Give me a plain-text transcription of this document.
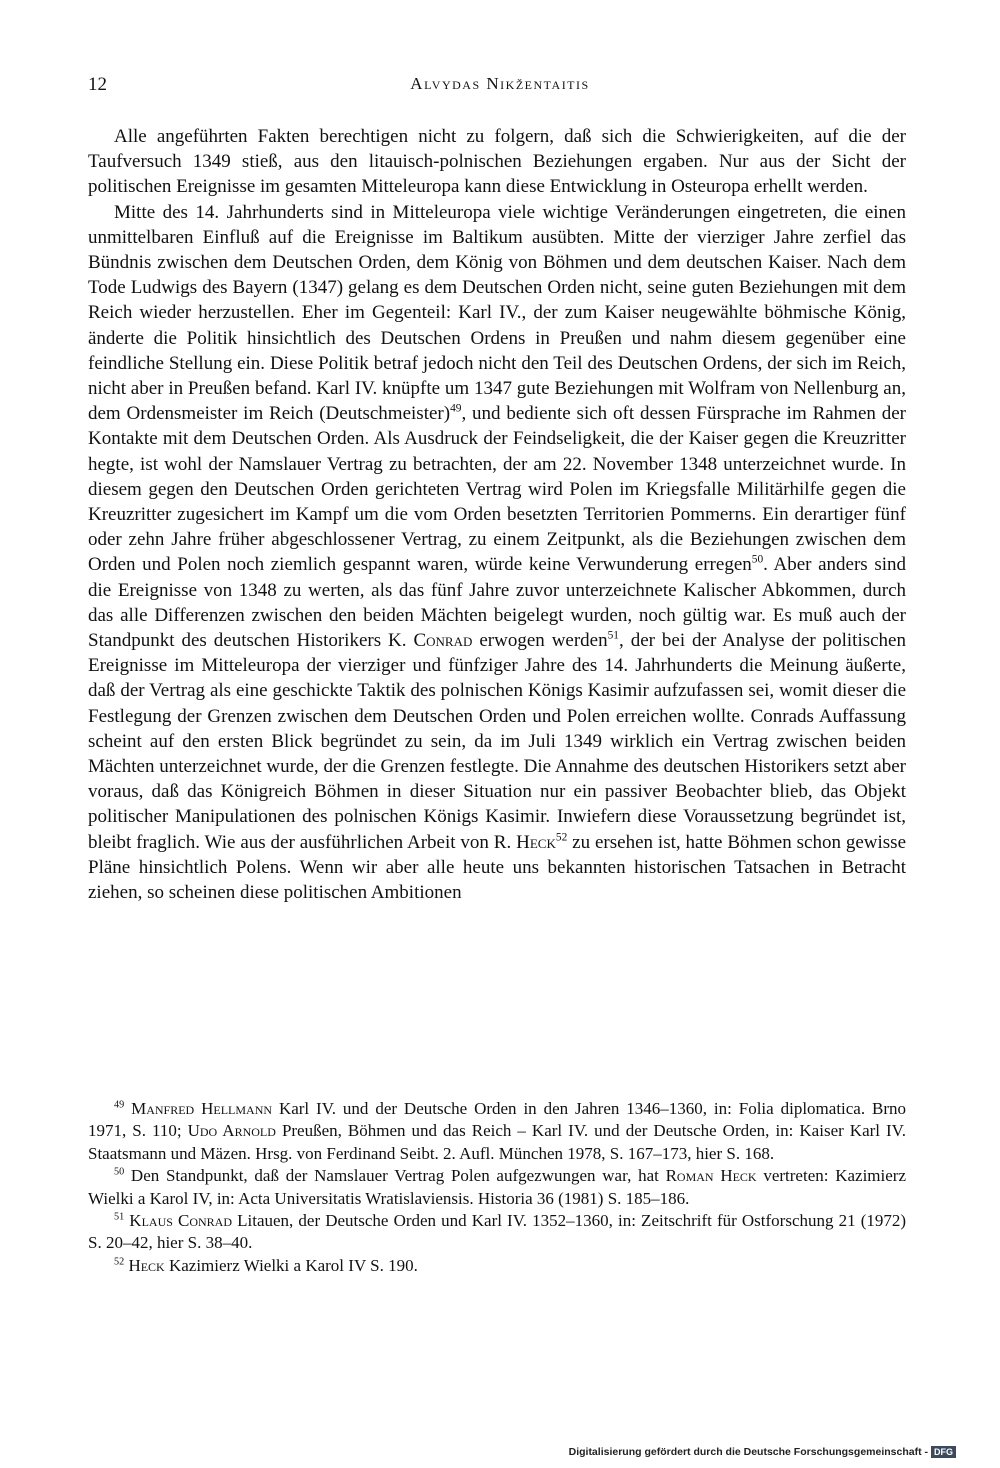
12	Alvydas Nikžentaitis

Alle angeführten Fakten berechtigen nicht zu folgern, daß sich die Schwierigkeiten, auf die der Taufversuch 1349 stieß, aus den litauisch-polnischen Beziehungen ergaben. Nur aus der Sicht der politischen Ereignisse im gesamten Mitteleuropa kann diese Entwicklung in Osteuropa erhellt werden.

Mitte des 14. Jahrhunderts sind in Mitteleuropa viele wichtige Veränderungen eingetreten, die einen unmittelbaren Einfluß auf die Ereignisse im Baltikum ausübten. Mitte der vierziger Jahre zerfiel das Bündnis zwischen dem Deutschen Orden, dem König von Böhmen und dem deutschen Kaiser. Nach dem Tode Ludwigs des Bayern (1347) gelang es dem Deutschen Orden nicht, seine guten Beziehungen mit dem Reich wieder herzustellen. Eher im Gegenteil: Karl IV., der zum Kaiser neugewählte böhmische König, änderte die Politik hinsichtlich des Deutschen Ordens in Preußen und nahm diesem gegenüber eine feindliche Stellung ein. Diese Politik betraf jedoch nicht den Teil des Deutschen Ordens, der sich im Reich, nicht aber in Preußen befand. Karl IV. knüpfte um 1347 gute Beziehungen mit Wolfram von Nellenburg an, dem Ordensmeister im Reich (Deutschmeister)$^{49}$, und bediente sich oft dessen Fürsprache im Rahmen der Kontakte mit dem Deutschen Orden. Als Ausdruck der Feindseligkeit, die der Kaiser gegen die Kreuzritter hegte, ist wohl der Namslauer Vertrag zu betrachten, der am 22. November 1348 unterzeichnet wurde. In diesem gegen den Deutschen Orden gerichteten Vertrag wird Polen im Kriegsfalle Militärhilfe gegen die Kreuzritter zugesichert im Kampf um die vom Orden besetzten Territorien Pommerns. Ein derartiger fünf oder zehn Jahre früher abgeschlossener Vertrag, zu einem Zeitpunkt, als die Beziehungen zwischen dem Orden und Polen noch ziemlich gespannt waren, würde keine Verwunderung erregen$^{50}$. Aber anders sind die Ereignisse von 1348 zu werten, als das fünf Jahre zuvor unterzeichnete Kalischer Abkommen, durch das alle Differenzen zwischen den beiden Mächten beigelegt wurden, noch gültig war. Es muß auch der Standpunkt des deutschen Historikers K. Conrad erwogen werden$^{51}$, der bei der Analyse der politischen Ereignisse im Mitteleuropa der vierziger und fünfziger Jahre des 14. Jahrhunderts die Meinung äußerte, daß der Vertrag als eine geschickte Taktik des polnischen Königs Kasimir aufzufassen sei, womit dieser die Festlegung der Grenzen zwischen dem Deutschen Orden und Polen erreichen wollte. Conrads Auffassung scheint auf den ersten Blick begründet zu sein, da im Juli 1349 wirklich ein Vertrag zwischen beiden Mächten unterzeichnet wurde, der die Grenzen festlegte. Die Annahme des deutschen Historikers setzt aber voraus, daß das Königreich Böhmen in dieser Situation nur ein passiver Beobachter blieb, das Objekt politischer Manipulationen des polnischen Königs Kasimir. Inwiefern diese Voraussetzung begründet ist, bleibt fraglich. Wie aus der ausführlichen Arbeit von R. Heck$^{52}$ zu ersehen ist, hatte Böhmen schon gewisse Pläne hinsichtlich Polens. Wenn wir aber alle heute uns bekannten historischen Tatsachen in Betracht ziehen, so scheinen diese politischen Ambitionen

$^{49}$ Manfred Hellmann Karl IV. und der Deutsche Orden in den Jahren 1346–1360, in: Folia diplomatica. Brno 1971, S. 110; Udo Arnold Preußen, Böhmen und das Reich – Karl IV. und der Deutsche Orden, in: Kaiser Karl IV. Staatsmann und Mäzen. Hrsg. von Ferdinand Seibt. 2. Aufl. München 1978, S. 167–173, hier S. 168.

$^{50}$ Den Standpunkt, daß der Namslauer Vertrag Polen aufgezwungen war, hat Roman Heck vertreten: Kazimierz Wielki a Karol IV, in: Acta Universitatis Wratislaviensis. Historia 36 (1981) S. 185–186.

$^{51}$ Klaus Conrad Litauen, der Deutsche Orden und Karl IV. 1352–1360, in: Zeitschrift für Ostforschung 21 (1972) S. 20–42, hier S. 38–40.

$^{52}$ Heck Kazimierz Wielki a Karol IV S. 190.

Digitalisierung gefördert durch die Deutsche Forschungsgemeinschaft - DFG
